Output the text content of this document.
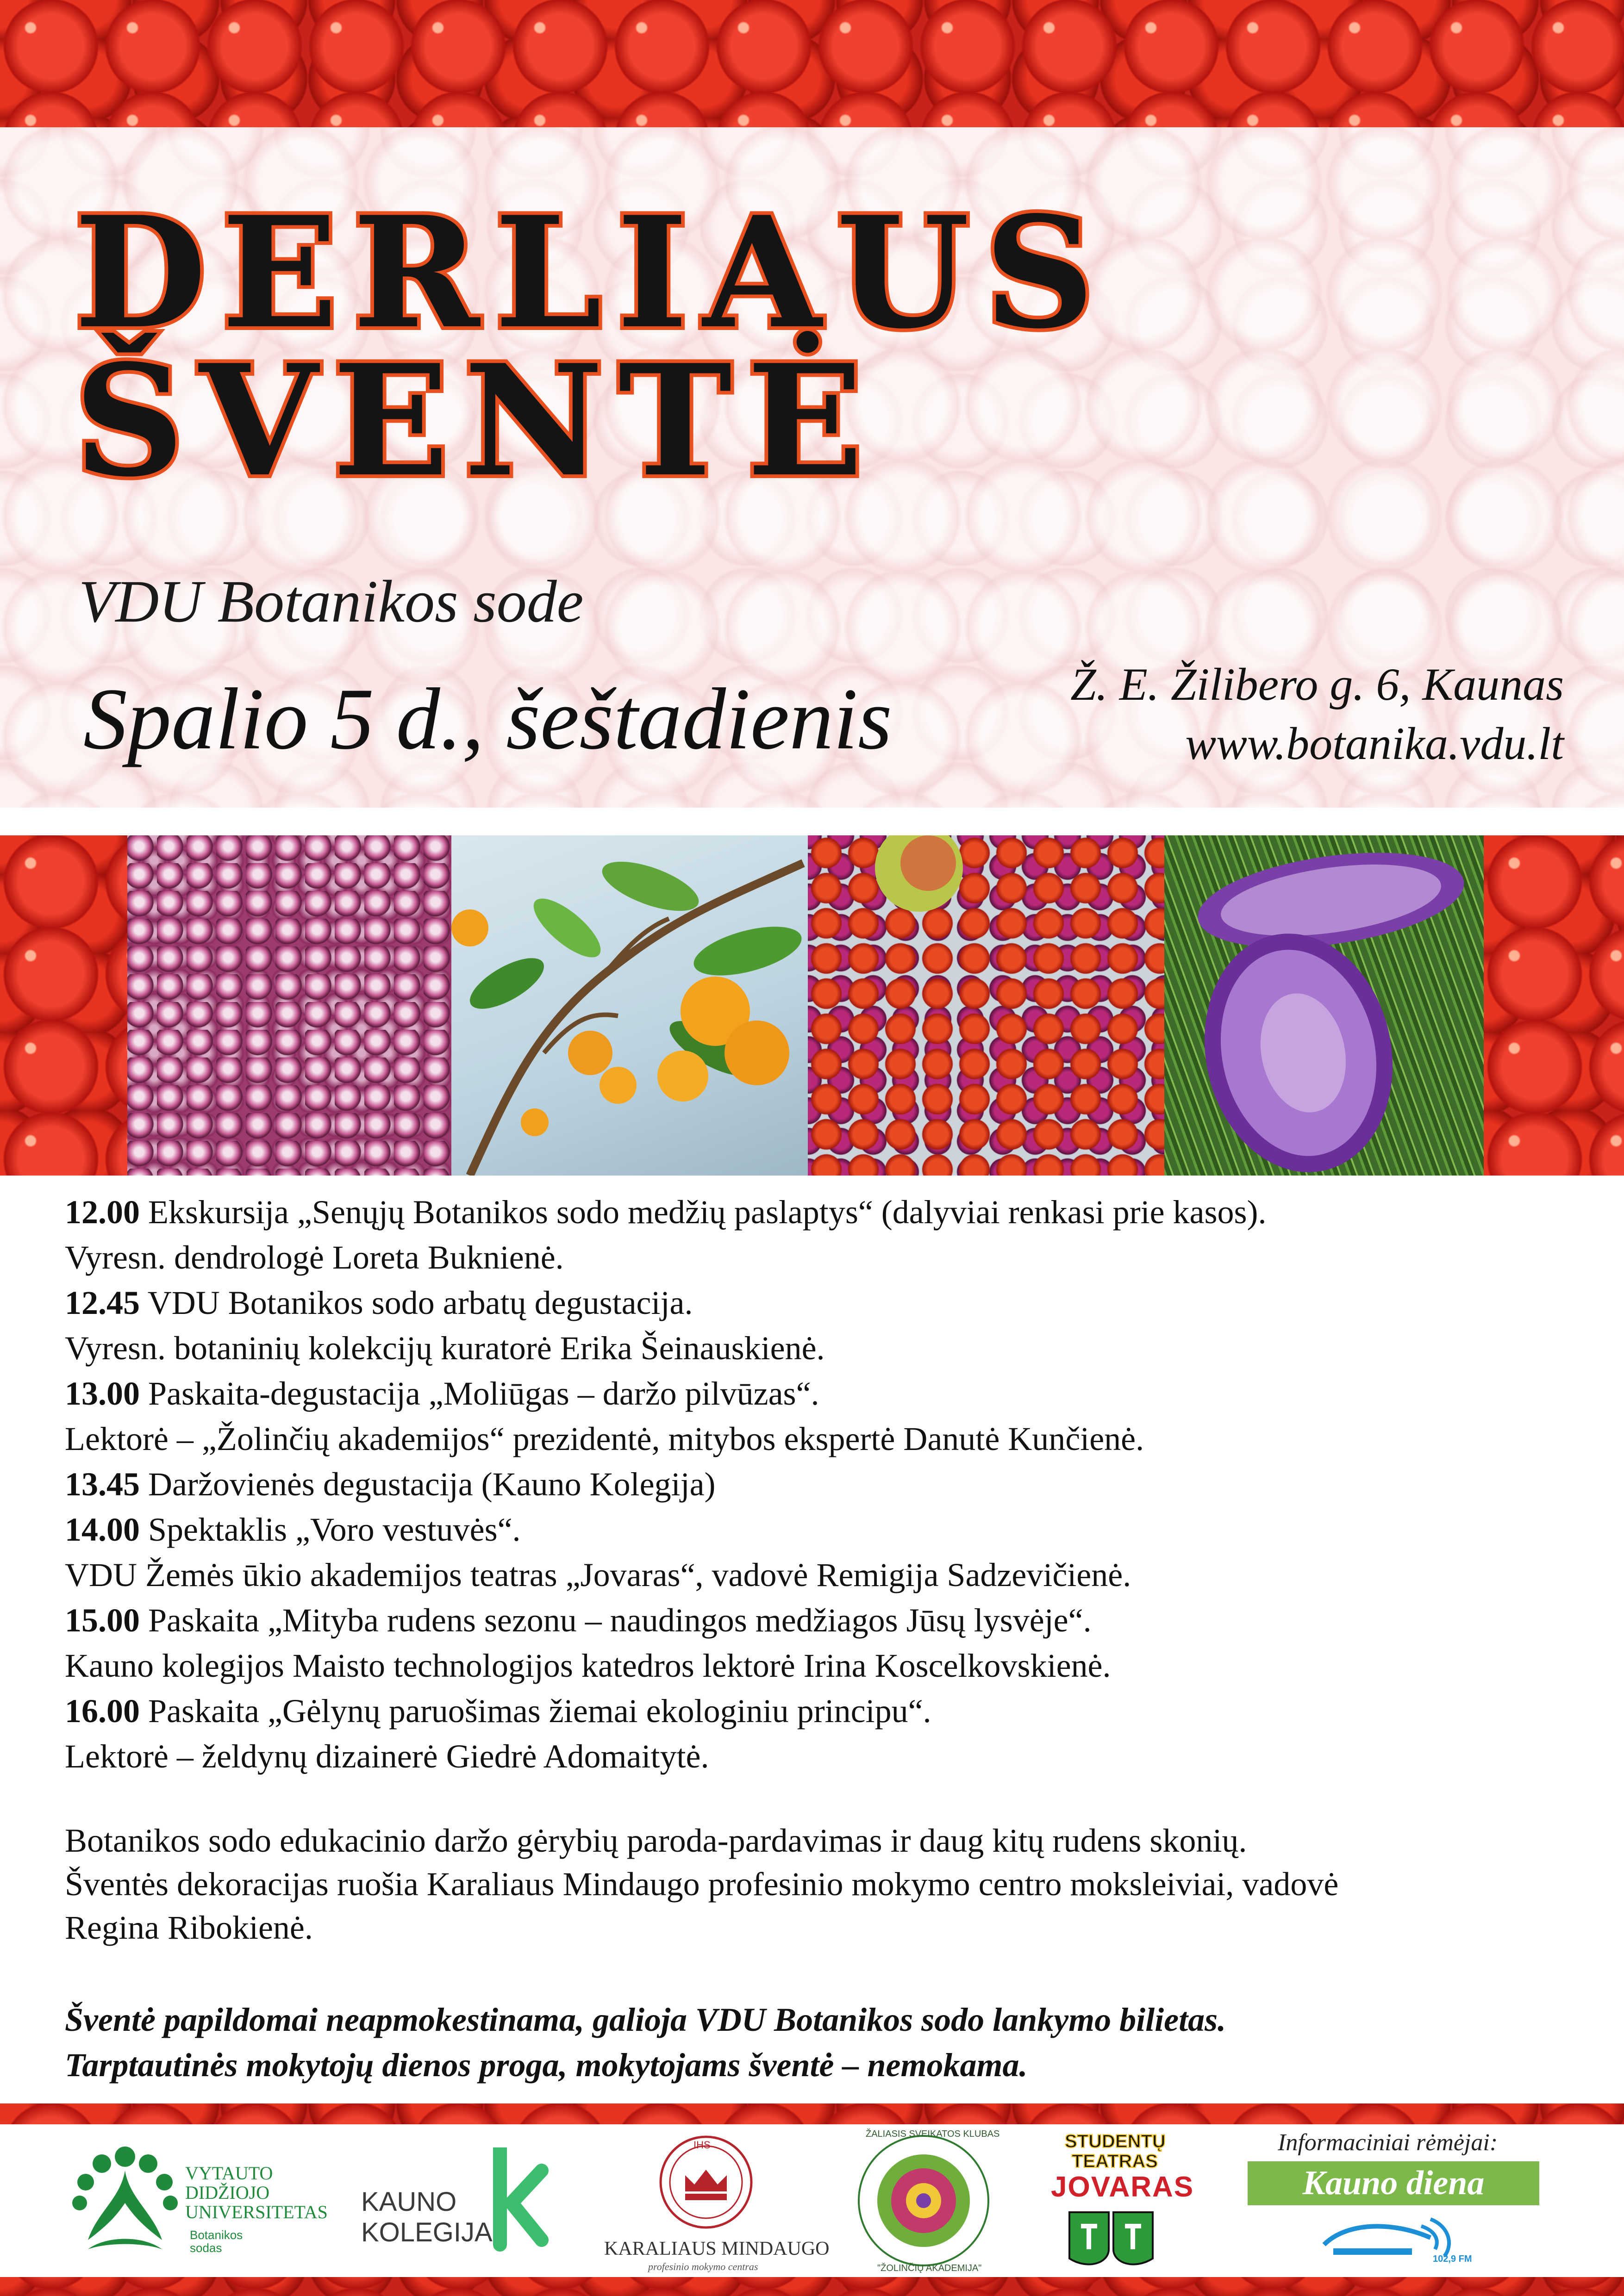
DERLIAUS
ŠVENTĖ
VDU Botanikos sode
Spalio 5 d., šeštadienis	Ž. E. Žilibero g. 6, Kaunas
www.botanika.vdu.lt

12.00 Ekskursija „Senųjų Botanikos sodo medžių paslaptys“ (dalyviai renkasi prie kasos).

Vyresn. dendrologė Loreta Buknienė.

12.45 VDU Botanikos sodo arbatų degustacija.

Vyresn. botaninių kolekcijų kuratorė Erika Šeinauskienė.

13.00 Paskaita-degustacija „Moliūgas – daržo pilvūzas“.

Lektorė – „Žolinčių akademijos“ prezidentė, mitybos ekspertė Danutė Kunčienė.

13.45 Daržovienės degustacija (Kauno Kolegija)

14.00 Spektaklis „Voro vestuvės“.

VDU Žemės ūkio akademijos teatras „Jovaras“, vadovė Remigija Sadzevičienė.

15.00 Paskaita „Mityba rudens sezonu – naudingos medžiagos Jūsų lysvėje“.

Kauno kolegijos Maisto technologijos katedros lektorė Irina Koscelkovskienė.

16.00 Paskaita „Gėlynų paruošimas žiemai ekologiniu principu“.

Lektorė – želdynų dizainerė Giedrė Adomaitytė.

Botanikos sodo edukacinio daržo gėrybių paroda-pardavimas ir daug kitų rudens skonių.

Šventės dekoracijas ruošia Karaliaus Mindaugo profesinio mokymo centro moksleiviai, vadovė

Regina Ribokienė.

Šventė papildomai neapmokestinama, galioja VDU Botanikos sodo lankymo bilietas.

Tarptautinės mokytojų dienos proga, mokytojams šventė – nemokama.

VYTAUTO
DIDŽIOJO
UNIVERSITETAS
Botanikos
sodas
KAUNO
KOLEGIJA
IHS
KARALIAUS MINDAUGO
profesinio mokymo centras
ŽALIASIS SVEIKATOS KLUBAS
"ŽOLINČIŲ AKADEMIJA"
STUDENTŲ
TEATRAS
JOVARAS
Informaciniai rėmėjai:
Kauno diena
102,9 FM
